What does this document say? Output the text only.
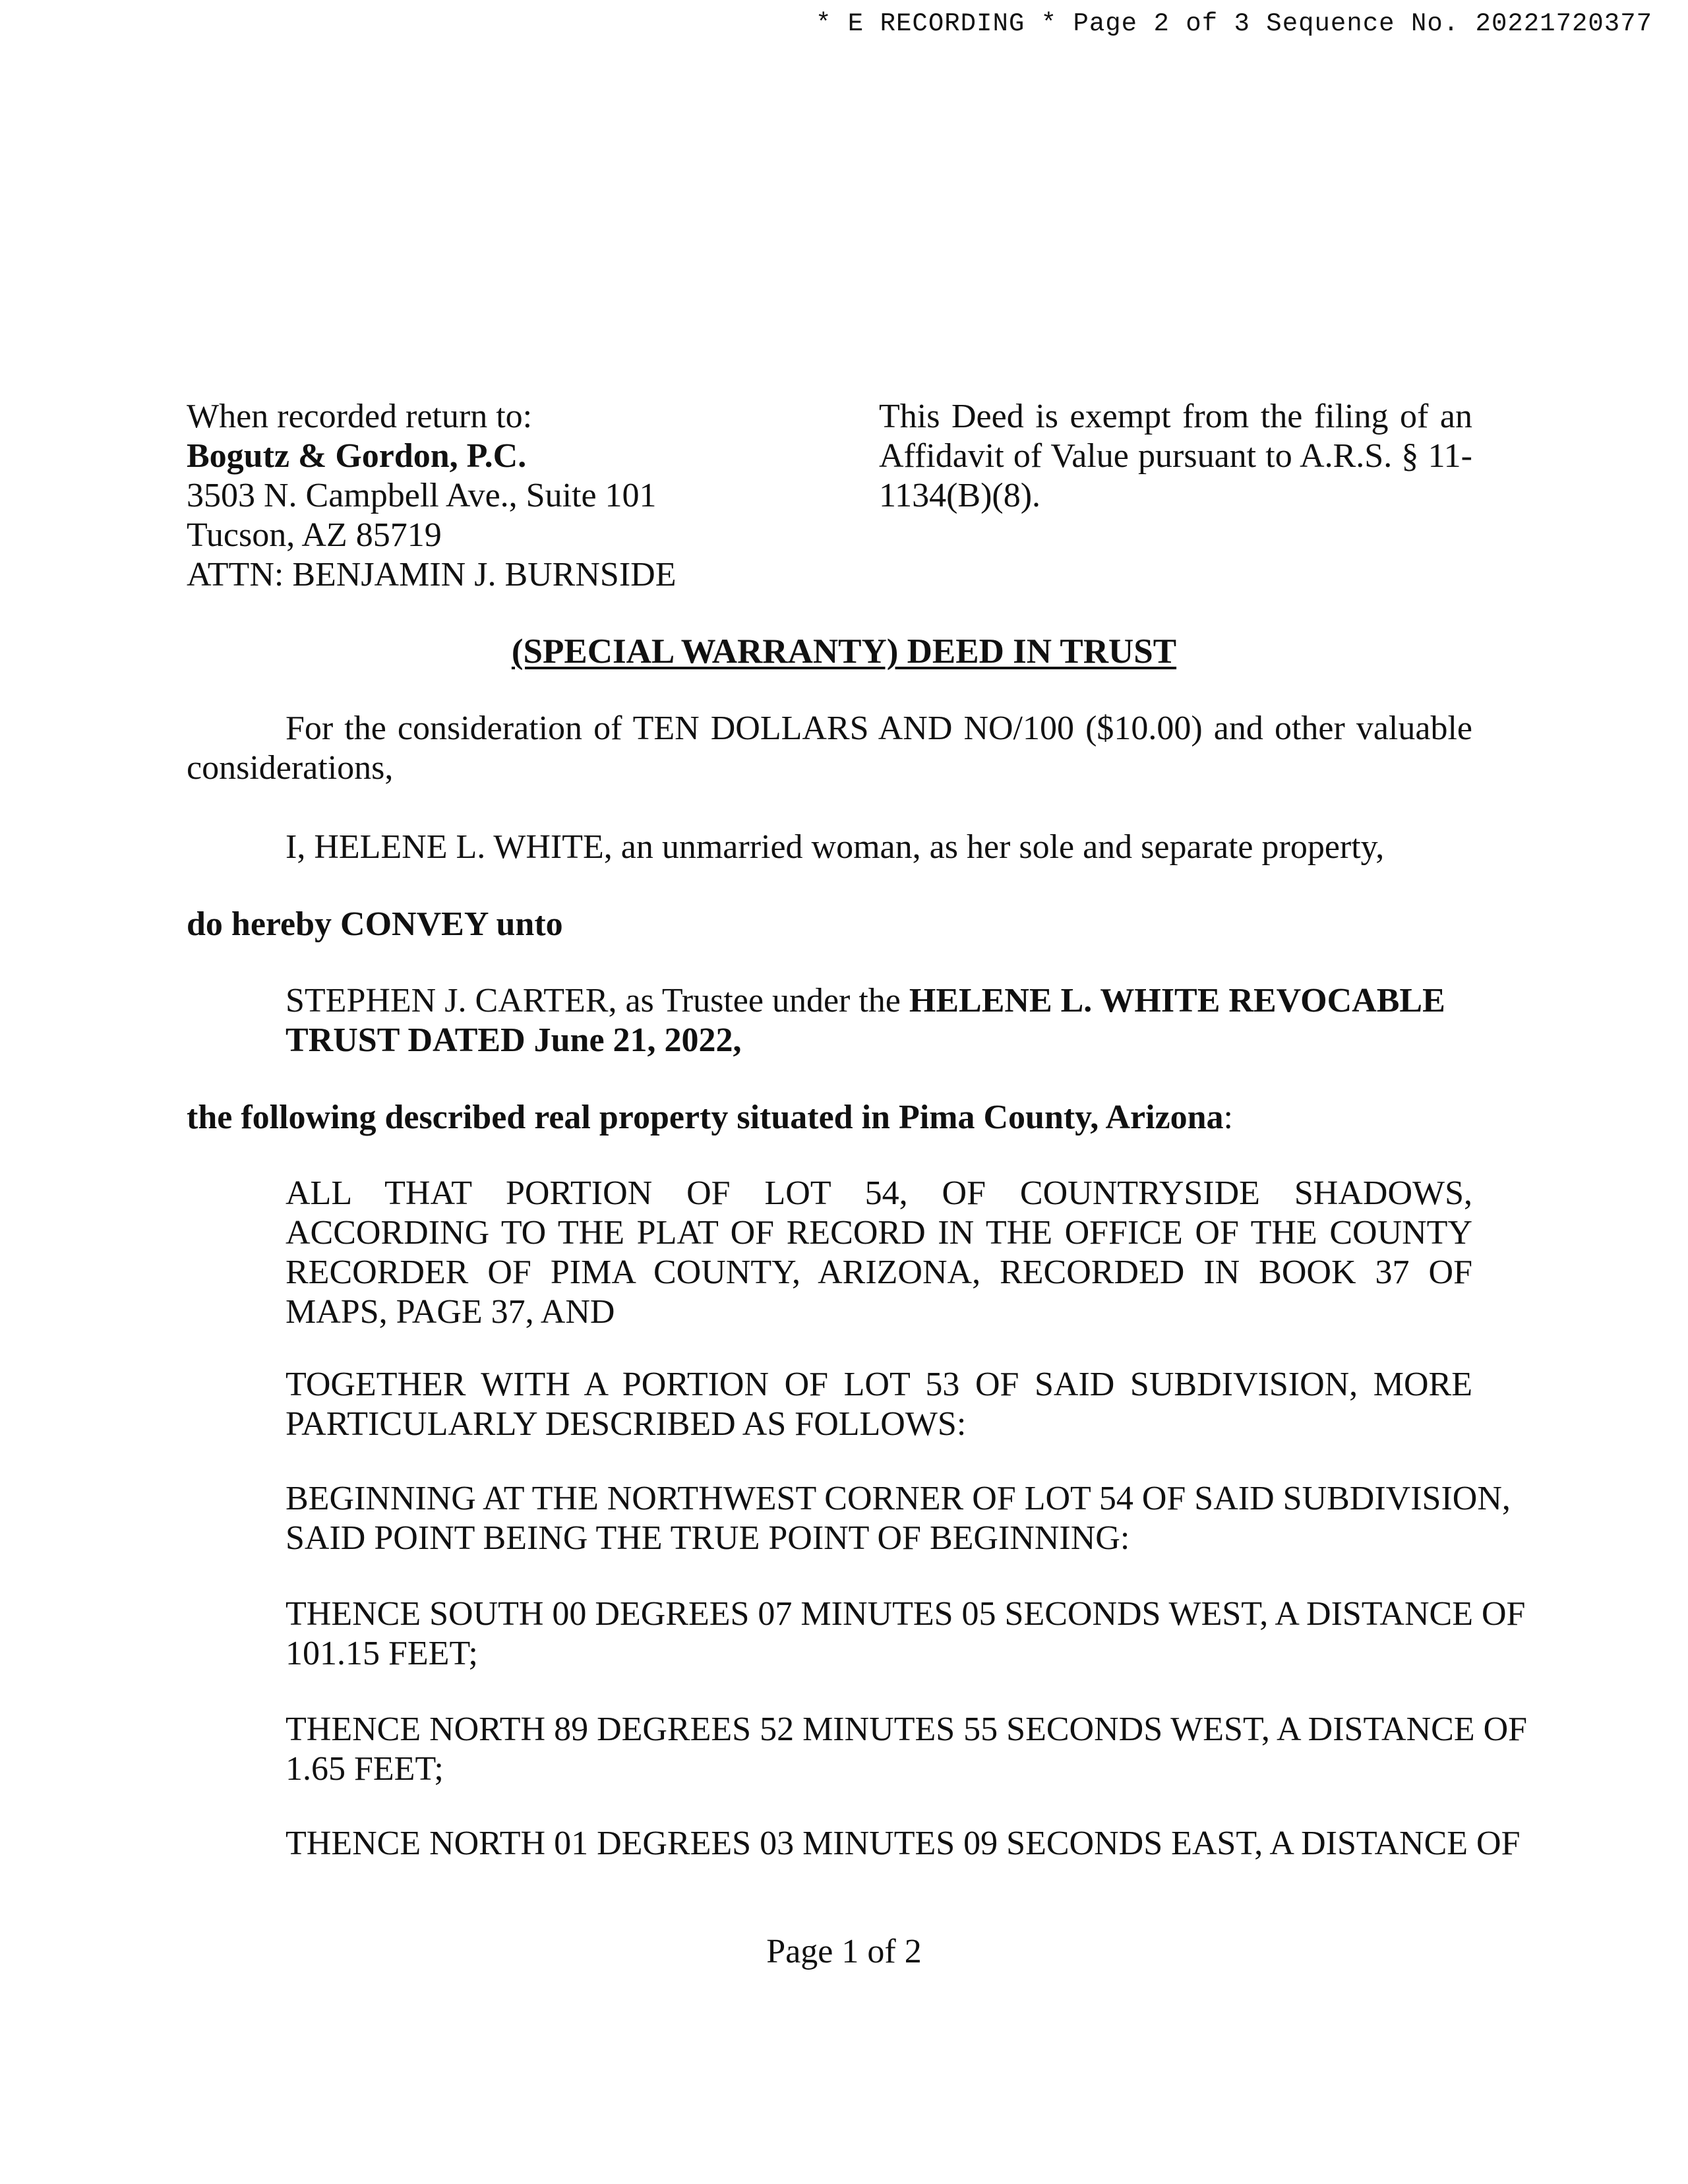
* E RECORDING * Page 2 of 3 Sequence No. 20221720377
When recorded return to:
Bogutz & Gordon, P.C.
3503 N. Campbell Ave., Suite 101
Tucson, AZ 85719
ATTN: BENJAMIN J. BURNSIDE
This Deed is exempt from the filing of an
Affidavit of Value pursuant to A.R.S. § 11-
1134(B)(8).
(SPECIAL WARRANTY) DEED IN TRUST
For the consideration of TEN DOLLARS AND NO/100 ($10.00) and other valuable
considerations,
I, HELENE L. WHITE, an unmarried woman, as her sole and separate property,
do hereby CONVEY unto
STEPHEN J. CARTER, as Trustee under the HELENE L. WHITE REVOCABLE
TRUST DATED June 21, 2022,
the following described real property situated in Pima County, Arizona:
ALL THAT PORTION OF LOT 54, OF COUNTRYSIDE SHADOWS,
ACCORDING TO THE PLAT OF RECORD IN THE OFFICE OF THE COUNTY
RECORDER OF PIMA COUNTY, ARIZONA, RECORDED IN BOOK 37 OF
MAPS, PAGE 37, AND
TOGETHER WITH A PORTION OF LOT 53 OF SAID SUBDIVISION, MORE
PARTICULARLY DESCRIBED AS FOLLOWS:
BEGINNING AT THE NORTHWEST CORNER OF LOT 54 OF SAID SUBDIVISION,
SAID POINT BEING THE TRUE POINT OF BEGINNING:
THENCE SOUTH 00 DEGREES 07 MINUTES 05 SECONDS WEST, A DISTANCE OF
101.15 FEET;
THENCE NORTH 89 DEGREES 52 MINUTES 55 SECONDS WEST, A DISTANCE OF
1.65 FEET;
THENCE NORTH 01 DEGREES 03 MINUTES 09 SECONDS EAST, A DISTANCE OF
Page 1 of 2
